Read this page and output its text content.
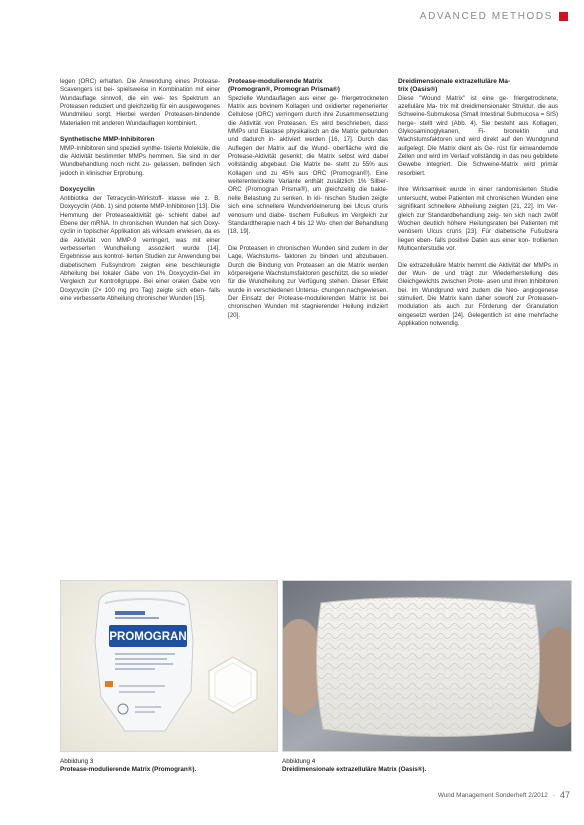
ADVANCED METHODS

legen (ORC) erhalten. Die Anwendung eines Protease-Scavengers ist bei- spielsweise in Kombination mit einer Wundauflage sinnvoll, die ein wei- tes Spektrum an Proteasen reduziert und gleichzeitig für ein ausgewogenes Wundmilieu sorgt. Hierbei werden Proteasen-bindende Materialien mit anderen Wundauflagen kombiniert.

Synthetische MMP-Inhibitoren

MMP-Inhibitoren sind speziell synthe- tisierte Moleküle, die die Aktivität bestimmter MMPs hemmen. Sie sind in der Wundbehandlung noch nicht zu- gelassen, befinden sich jedoch in klinischer Erprobung.

Doxycyclin

Antibiotika der Tetracyclin-Wirkstoff- klasse wie z. B. Doxycyclin (Abb. 1) sind potente MMP-Inhibitoren [13]. Die Hemmung der Proteaseaktivität ge- schieht dabei auf Ebene der mRNA. In chronischen Wunden hat sich Doxy- cyclin in topischer Applikation als wirksam erwiesen, da es die Aktivität von MMP-9 verringert, was mit einer verbesserten Wundheilung assoziiert wurde [14]. Ergebnisse aus kontrol- lierten Studien zur Anwendung bei diabetischem Fußsyndrom zeigten eine beschleunigte Abheilung bei lokaler Gabe von 1% Doxycyclin-Gel im Vergleich zur Kontrollgruppe. Bei einer oralen Gabe von Doxycyclin (2× 100 mg pro Tag) zeigte sich eben- falls eine verbesserte Abheilung chronischer Wunden [15].

Protease-modulierende Matrix
(Promogran®, Promogran Prisma®)

Spezielle Wundauflagen aus einer ge- friergetrockneten Matrix aus bovinem Kollagen und oxidierter regenerierter Cellulose (ORC) verringern durch ihre Zusammensetzung die Aktivität von Proteasen. Es wird beschrieben, dass MMPs und Elastase physikalisch an die Matrix gebunden und dadurch in- aktiviert werden [16, 17]. Durch das Auflegen der Matrix auf die Wund- oberfläche wird die Protease-Aktivität gesenkt; die Matrix selbst wird dabei vollständig abgebaut. Die Matrix be- steht zu 55% aus Kollagen und zu 45% aus ORC (Promogran®). Eine weiterentwickelte Variante enthält zusätzlich 1% Silber-ORC (Promogran Prisma®), um gleichzeitig die bakte- rielle Belastung zu senken. In kli- nischen Studien zeigte sich eine schnellere Wundverkleinerung bei Ulcus cruris venosum und diabe- tischem Fußulkus im Vergleich zur Standardtherapie nach 4 bis 12 Wo- chen der Behandlung [18, 19].

Die Proteasen in chronischen Wunden sind zudem in der Lage, Wachstums- faktoren zu binden und abzubauen. Durch die Bindung von Proteasen an die Matrix werden körpereigene Wachstumsfaktoren geschützt, die so wieder für die Wundheilung zur Verfügung stehen. Dieser Effekt wurde in verschiedenen Untersu- chungen nachgewiesen. Der Einsatz der Protease-modulierenden Matrix ist bei chronischen Wunden mit stagnierender Heilung indiziert [20].

Dreidimensionale extrazelluläre Ma-
trix (Oasis®)

Diese "Wound Matrix" ist eine ge- friergetrocknete, azelluläre Ma- trix mit dreidimensionaler Struktur, die aus Schweine-Submukosa (Small Intestinal Submucosa = SIS) herge- stellt wird (Abb. 4). Sie besteht aus Kollagen, Glykosaminoglykanen, Fi-	bronektin und Wachstumsfaktoren und wird direkt auf den Wundgrund aufgelegt. Die Matrix dient als Ge- rüst für einwandernde Zellen und wird im Verlauf vollständig in das neu gebildete Gewebe integriert. Die Schweine-Matrix wird primär resorbiert.

Ihre Wirksamkeit wurde in einer randomisierten Studie untersucht, wobei Patienten mit chronischen Wunden eine signifikant schnellere Abheilung zeigten [21, 22]. Im Ver- gleich zur Standardbehandlung zeig- ten sich nach zwölf Wochen deutlich höhere Heilungsraten bei Patienten mit venösem Ulcus cruris [23]. Für diabetische Fußulzera liegen eben- falls positive Daten aus einer kon- trollierten Multicenterstudie vor.

Die extrazelluläre Matrix hemmt die Aktivität der MMPs in der Wun- de und trägt zur Wiederherstellung des Gleichgewichts zwischen Prote- asen und ihren Inhibitoren bei. Im Wundgrund wird zudem die Neo- angiogenese stimuliert. Die Matrix kann daher sowohl zur Proteasen- modulation als auch zur Förderung der Granulation eingesetzt werden [24]. Gelegentlich ist eine mehrfache Applikation notwendig.

PROMOGRAN
Abbildung 3
Protease-modulierende Matrix (Promogran®).
Abbildung 4
Dreidimensionale extrazelluläre Matrix (Oasis®).
Wund Management Sonderheft 2/2012 · 47
